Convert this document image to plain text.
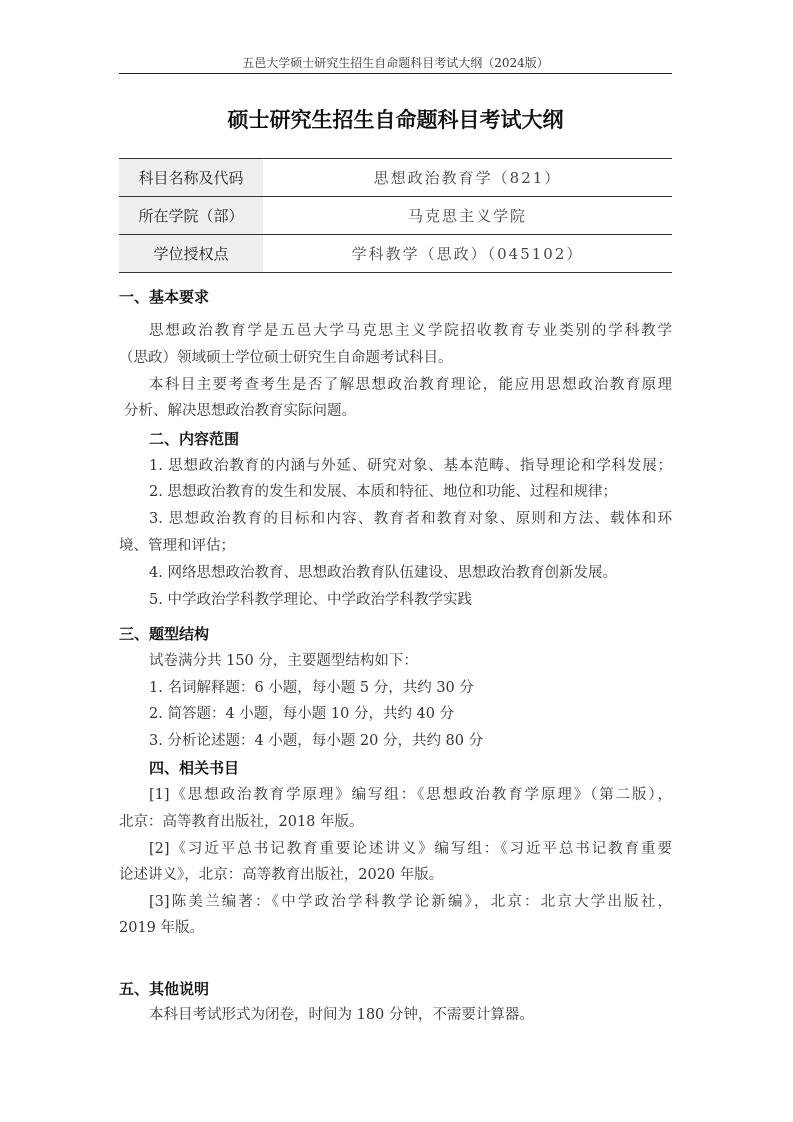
五邑大学硕士研究生招生自命题科目考试大纲（2024版）
硕士研究生招生自命题科目考试大纲
科目名称及代码	思想政治教育学（821）
所在学院（部）	马克思主义学院
学位授权点	学科教学（思政）（045102）
一、基本要求
思想政治教育学是五邑大学马克思主义学院招收教育专业类别的学科教学
（思政）领域硕士学位硕士研究生自命题考试科目。
本科目主要考查考生是否了解思想政治教育理论，能应用思想政治教育原理
分析、解决思想政治教育实际问题。
二、内容范围
1. 思想政治教育的内涵与外延、研究对象、基本范畴、指导理论和学科发展；
2. 思想政治教育的发生和发展、本质和特征、地位和功能、过程和规律；
3. 思想政治教育的目标和内容、教育者和教育对象、原则和方法、载体和环
境、管理和评估；
4. 网络思想政治教育、思想政治教育队伍建设、思想政治教育创新发展。
5. 中学政治学科教学理论、中学政治学科教学实践
三、题型结构
试卷满分共 150 分，主要题型结构如下：
1. 名词解释题：6 小题，每小题 5 分，共约 30 分
2. 简答题：4 小题，每小题 10 分，共约 40 分
3. 分析论述题：4 小题，每小题 20 分，共约 80 分
四、相关书目
[1]《思想政治教育学原理》编写组：《思想政治教育学原理》（第二版），
北京：高等教育出版社，2018 年版。
[2]《习近平总书记教育重要论述讲义》编写组：《习近平总书记教育重要
论述讲义》，北京：高等教育出版社，2020 年版。
[3]陈美兰编著：《中学政治学科教学论新编》，北京：北京大学出版社，
2019 年版。
五、其他说明
本科目考试形式为闭卷，时间为 180 分钟，不需要计算器。
